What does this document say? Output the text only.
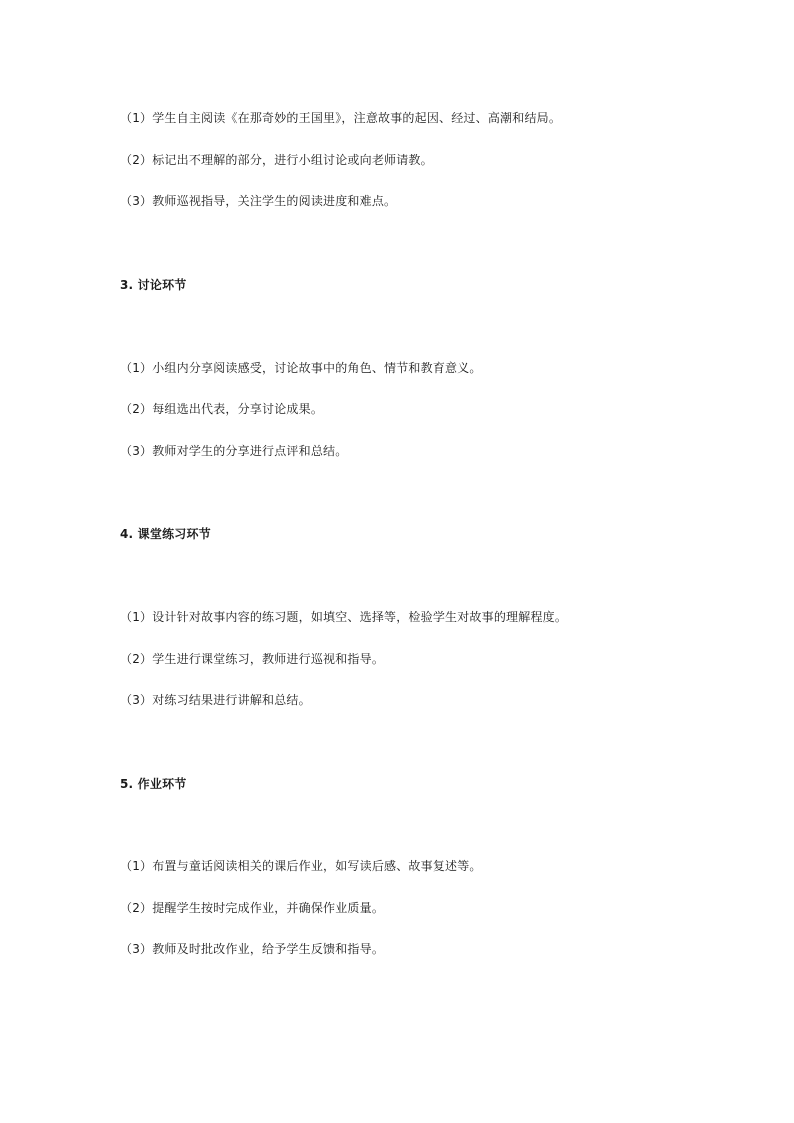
（1）学生自主阅读《在那奇妙的王国里》，注意故事的起因、经过、高潮和结局。
（2）标记出不理解的部分，进行小组讨论或向老师请教。
（3）教师巡视指导，关注学生的阅读进度和难点。
3. 讨论环节
（1）小组内分享阅读感受，讨论故事中的角色、情节和教育意义。
（2）每组选出代表，分享讨论成果。
（3）教师对学生的分享进行点评和总结。
4. 课堂练习环节
（1）设计针对故事内容的练习题，如填空、选择等，检验学生对故事的理解程度。
（2）学生进行课堂练习，教师进行巡视和指导。
（3）对练习结果进行讲解和总结。
5. 作业环节
（1）布置与童话阅读相关的课后作业，如写读后感、故事复述等。
（2）提醒学生按时完成作业，并确保作业质量。
（3）教师及时批改作业，给予学生反馈和指导。
